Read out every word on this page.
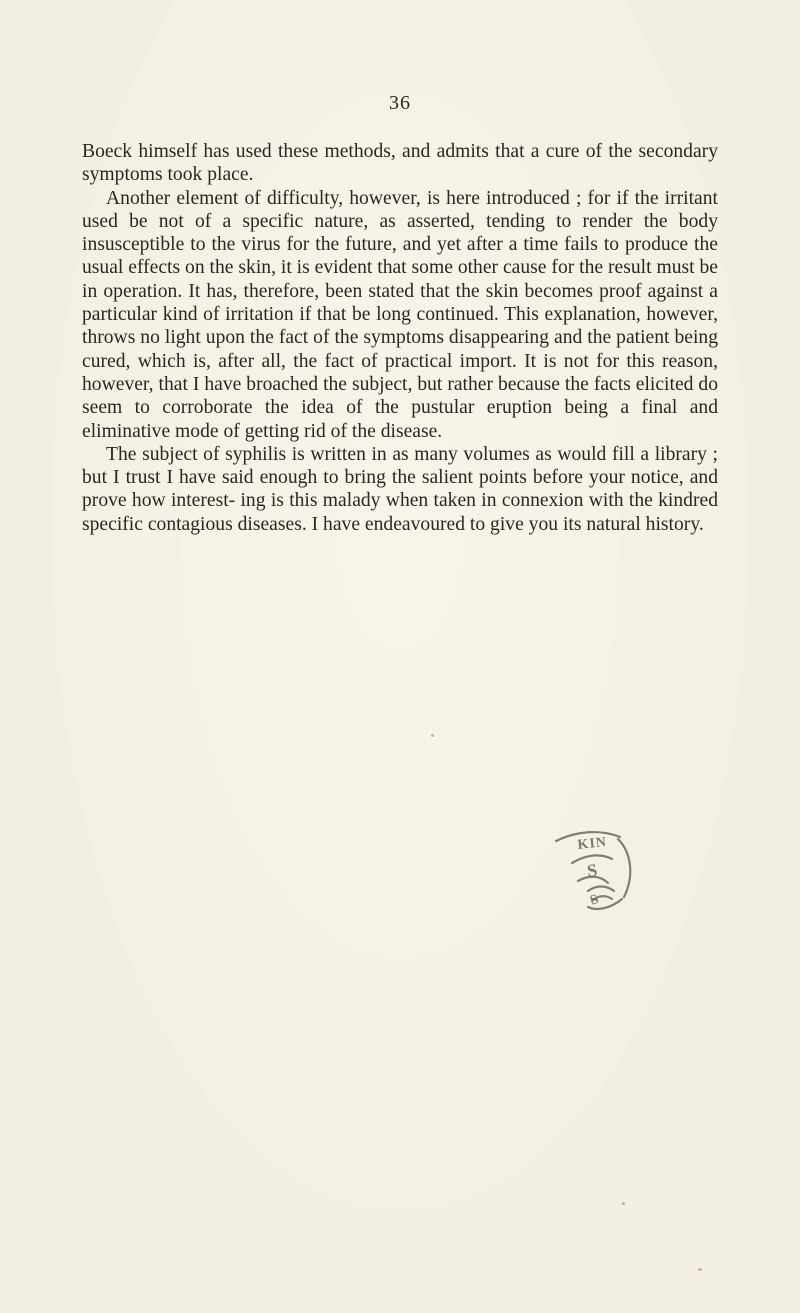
36

Boeck himself has used these methods, and admits that a cure of the secondary symptoms took place.

Another element of difficulty, however, is here introduced ; for if the irritant used be not of a specific nature, as asserted, tending to render the body insusceptible to the virus for the future, and yet after a time fails to produce the usual effects on the skin, it is evident that some other cause for the result must be in operation. It has, therefore, been stated that the skin becomes proof against a particular kind of irritation if that be long continued. This explanation, however, throws no light upon the fact of the symptoms disappearing and the patient being cured, which is, after all, the fact of practical import. It is not for this reason, however, that I have broached the subject, but rather because the facts elicited do seem to corroborate the idea of the pustular eruption being a final and eliminative mode of getting rid of the disease.

The subject of syphilis is written in as many volumes as would fill a library ; but I trust I have said enough to bring the salient points before your notice, and prove how interest- ing is this malady when taken in connexion with the kindred specific contagious diseases. I have endeavoured to give you its natural history.

KIN
S
S
